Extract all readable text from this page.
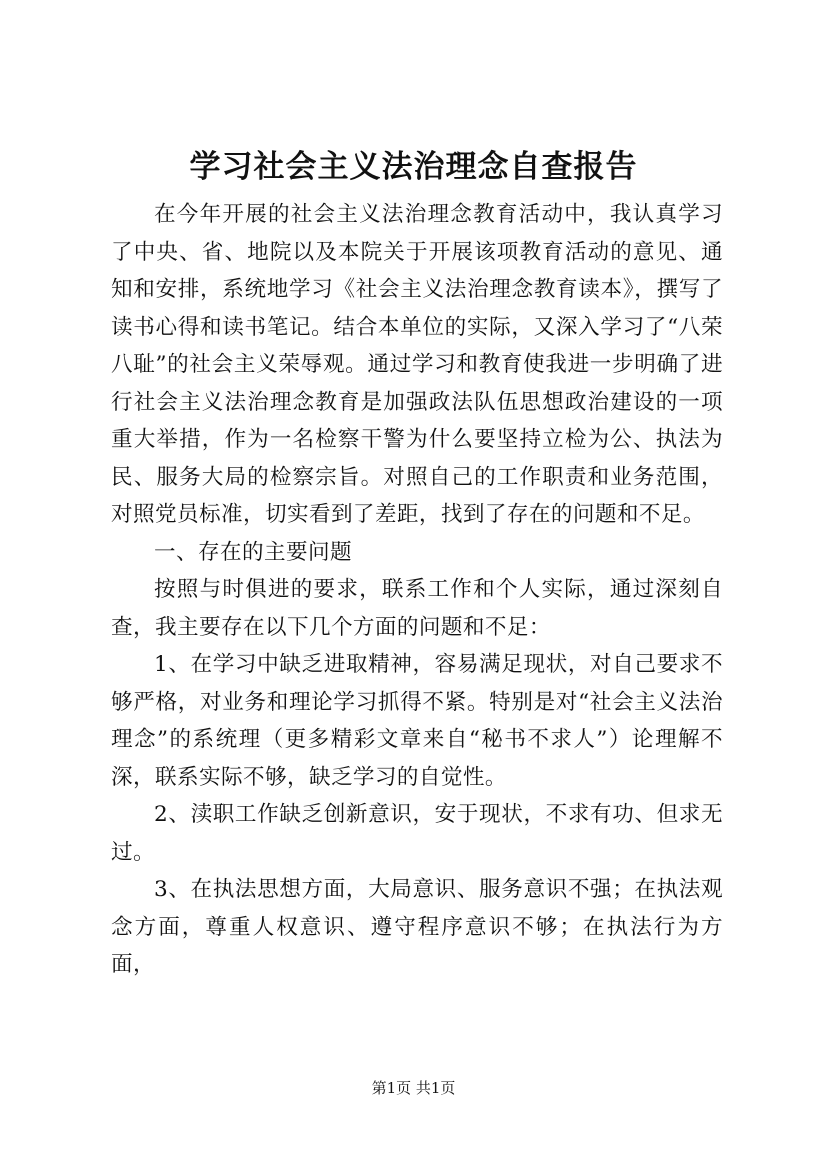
学习社会主义法治理念自查报告

在今年开展的社会主义法治理念教育活动中，我认真学习了中央、省、地院以及本院关于开展该项教育活动的意见、通知和安排，系统地学习《社会主义法治理念教育读本》，撰写了读书心得和读书笔记。结合本单位的实际，又深入学习了“八荣八耻”的社会主义荣辱观。通过学习和教育使我进一步明确了进行社会主义法治理念教育是加强政法队伍思想政治建设的一项重大举措，作为一名检察干警为什么要坚持立检为公、执法为民、服务大局的检察宗旨。对照自己的工作职责和业务范围，对照党员标准，切实看到了差距，找到了存在的问题和不足。

一、存在的主要问题

按照与时俱进的要求，联系工作和个人实际，通过深刻自查，我主要存在以下几个方面的问题和不足：

1、在学习中缺乏进取精神，容易满足现状，对自己要求不够严格，对业务和理论学习抓得不紧。特别是对“社会主义法治理念”的系统理（更多精彩文章来自“秘书不求人”）论理解不深，联系实际不够，缺乏学习的自觉性。

2、渎职工作缺乏创新意识，安于现状，不求有功、但求无过。

3、在执法思想方面，大局意识、服务意识不强；在执法观念方面，尊重人权意识、遵守程序意识不够；在执法行为方面，

第1页 共1页
